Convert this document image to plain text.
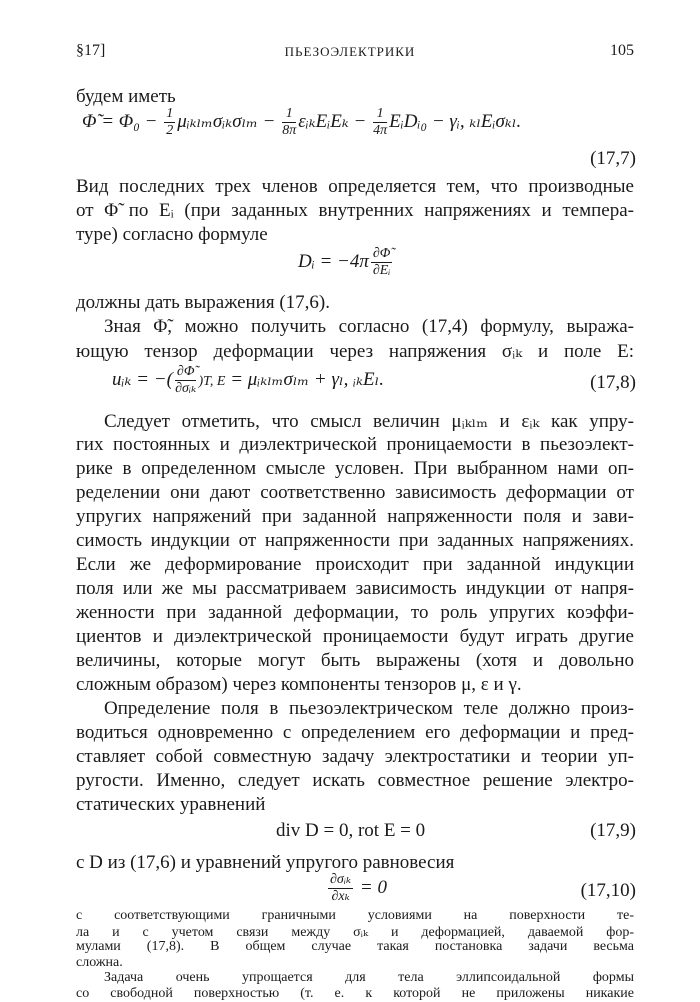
§17]	ПЬЕЗОЭЛЕКТРИКИ	105
будем иметь
Φ̃ = $\Phi_0 - \frac{1}{2}$ μᵢₖₗₘσᵢₖσₗₘ − $\frac{1}{8\pi}$ εᵢₖEᵢEₖ − $\frac{1}{4\pi}$ EᵢDᵢ₀ − γᵢ, ₖₗEᵢσₖₗ.
(17,7)
Вид последних трех членов определяется тем, что производные
от Φ̃ по Eᵢ (при заданных внутренних напряжениях и темпера-
туре) согласно формуле
Dᵢ = $-4\pi \frac{\partial\Phĩ}{\text{∂Eᵢ}}$
должны дать выражения (17,6).
Зная Φ̃, можно получить согласно (17,4) формулу, выража-
ющую тензор деформации через напряжения σᵢₖ и поле E:
uᵢₖ = −( $\frac{\partial\Phĩ}{\text{∂σᵢₖ}} )T$, E = μᵢₖₗₘσₗₘ + γₗ, ᵢₖEₗ.	(17,8)
Следует отметить, что смысл величин μᵢₖₗₘ и εᵢₖ как упру-
гих постоянных и диэлектрической проницаемости в пьезоэлект-
рике в определенном смысле условен. При выбранном нами оп-
ределении они дают соответственно зависимость деформации от
упругих напряжений при заданной напряженности поля и зави-
симость индукции от напряженности при заданных напряжениях.
Если же деформирование происходит при заданной индукции
поля или же мы рассматриваем зависимость индукции от напря-
женности при заданной деформации, то роль упругих коэффи-
циентов и диэлектрической проницаемости будут играть другие
величины, которые могут быть выражены (хотя и довольно
сложным образом) через компоненты тензоров μ, ε и γ.
Определение поля в пьезоэлектрическом теле должно произ-
водиться одновременно с определением его деформации и пред-
ставляет собой совместную задачу электростатики и теории уп-
ругости. Именно, следует искать совместное решение электро-
статических уравнений
div D = 0, rot E = 0	(17,9)
с D из (17,6) и уравнений упругого равновесия
$\frac{\text{∂σᵢₖ}}{\text{∂xₖ}} = 0$	(17,10)
с соответствующими граничными условиями на поверхности те-
ла и с учетом связи между σᵢₖ и деформацией, даваемой фор-
мулами (17,8). В общем случае такая постановка задачи весьма
сложна.
Задача очень упрощается для тела эллипсоидальной формы
со свободной поверхностью (т. е. к которой не приложены никакие
